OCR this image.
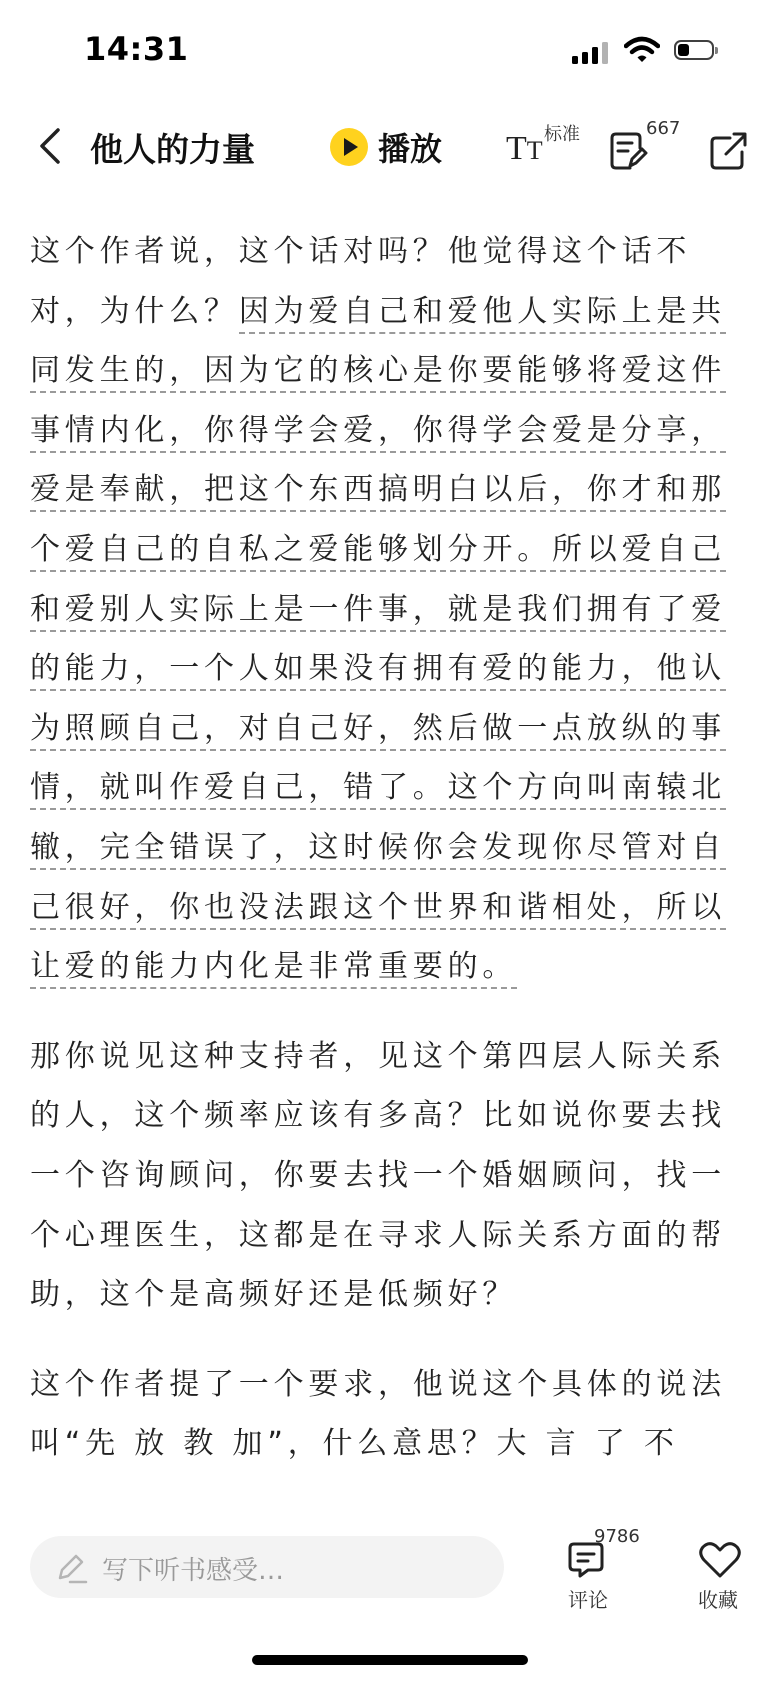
14:31
他人的力量	播放 TT
标准	667

这个作者说，这个话对吗？他觉得这个话不对，为什么？因为爱自己和爱他人实际上是共同发生的，因为它的核心是你要能够将爱这件事情内化，你得学会爱，你得学会爱是分享，爱是奉献，把这个东西搞明白以后，你才和那个爱自己的自私之爱能够划分开。所以爱自己和爱别人实际上是一件事，就是我们拥有了爱的能力，一个人如果没有拥有爱的能力，他认为照顾自己，对自己好，然后做一点放纵的事情，就叫作爱自己，错了。这个方向叫南辕北辙，完全错误了，这时候你会发现你尽管对自己很好，你也没法跟这个世界和谐相处，所以让爱的能力内化是非常重要的。

那你说见这种支持者，见这个第四层人际关系的人，这个频率应该有多高？比如说你要去找一个咨询顾问，你要去找一个婚姻顾问，找一个心理医生，这都是在寻求人际关系方面的帮助，这个是高频好还是低频好？

这个作者提了一个要求，他说这个具体的说法叫“先 放 教 加”，什么意思？大 言 了 不

写下听书感受…
9786
评论	收藏
